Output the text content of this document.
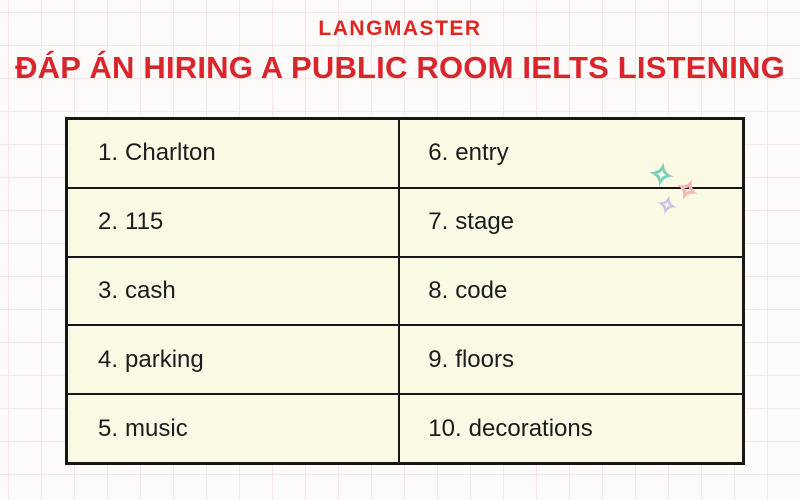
LANGMASTER
ĐÁP ÁN HIRING A PUBLIC ROOM IELTS LISTENING
1. Charlton	6. entry
2. 115	7. stage
3. cash	8. code
4. parking	9. floors
5. music	10. decorations
